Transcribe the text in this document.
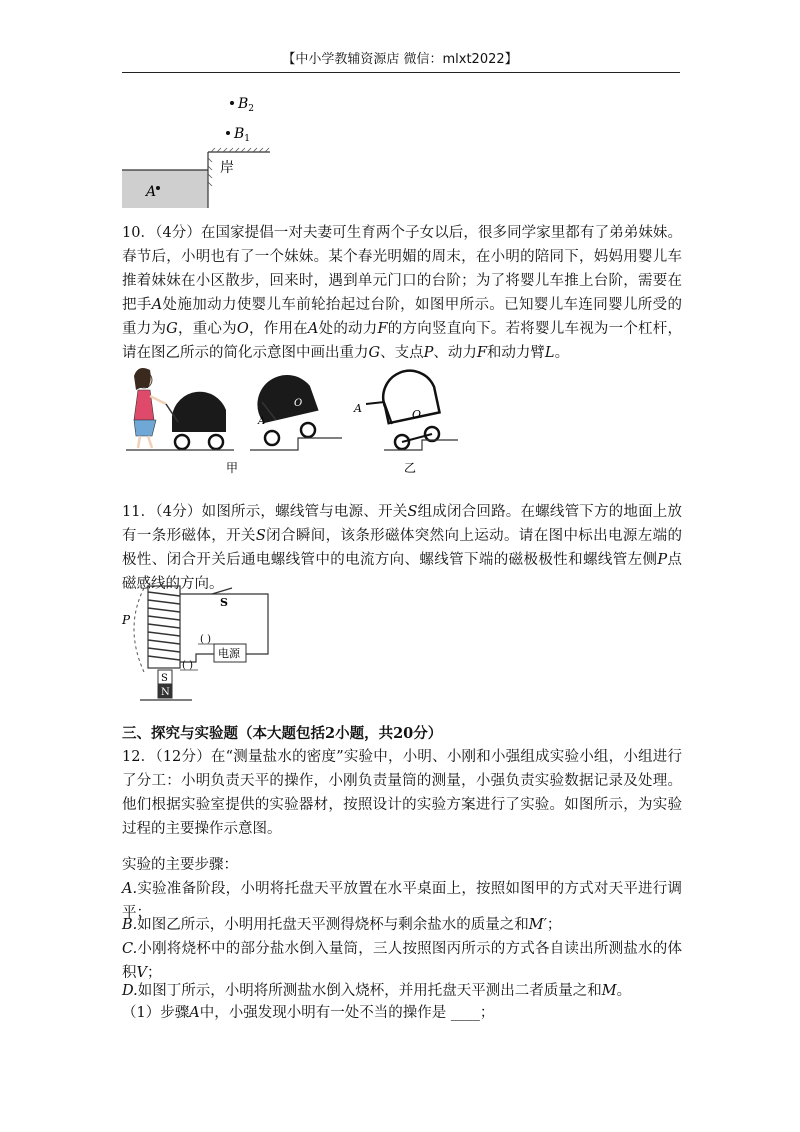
【中小学教辅资源店 微信：mlxt2022】
$B_2$
$B_1$
岸
A

10．（4分）在国家提倡一对夫妻可生育两个子女以后，很多同学家里都有了弟弟妹妹。春节后，小明也有了一个妹妹。某个春光明媚的周末，在小明的陪同下，妈妈用婴儿车推着妹妹在小区散步，回来时，遇到单元门口的台阶；为了将婴儿车推上台阶，需要在把手A处施加动力使婴儿车前轮抬起过台阶，如图甲所示。已知婴儿车连同婴儿所受的重力为G，重心为O，作用在A处的动力F的方向竖直向下。若将婴儿车视为一个杠杆，请在图乙所示的简化示意图中画出重力G、支点P、动力F和动力臂L。

A
O
甲
A	O
乙

11．（4分）如图所示，螺线管与电源、开关S组成闭合回路。在螺线管下方的地面上放有一条形磁体，开关S闭合瞬间，该条形磁体突然向上运动。请在图中标出电源左端的极性、闭合开关后通电螺线管中的电流方向、螺线管下端的磁极极性和螺线管左侧P点磁感线的方向。

P
S
电源
( )
( )
S
N

三、探究与实验题（本大题包括2小题，共20分）

12．（12分）在“测量盐水的密度”实验中，小明、小刚和小强组成实验小组，小组进行了分工：小明负责天平的操作，小刚负责量筒的测量，小强负责实验数据记录及处理。他们根据实验室提供的实验器材，按照设计的实验方案进行了实验。如图所示，为实验过程的主要操作示意图。

实验的主要步骤：

A.实验准备阶段，小明将托盘天平放置在水平桌面上，按照如图甲的方式对天平进行调平；

B.如图乙所示，小明用托盘天平测得烧杯与剩余盐水的质量之和M′；

C.小刚将烧杯中的部分盐水倒入量筒，三人按照图丙所示的方式各自读出所测盐水的体积V；

D.如图丁所示，小明将所测盐水倒入烧杯，并用托盘天平测出二者质量之和M。

（1）步骤A中，小强发现小明有一处不当的操作是 ____；
